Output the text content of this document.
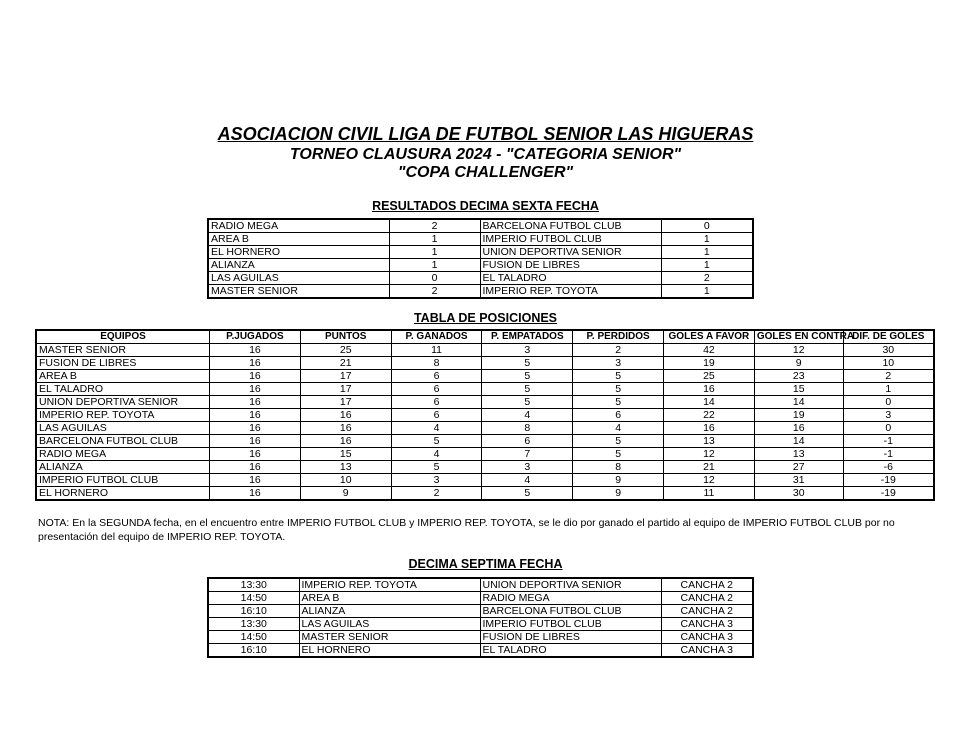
ASOCIACION CIVIL LIGA DE FUTBOL SENIOR LAS HIGUERAS
TORNEO CLAUSURA 2024 - "CATEGORIA SENIOR"
"COPA CHALLENGER"
RESULTADOS DECIMA SEXTA FECHA
RADIO MEGA	2	BARCELONA FUTBOL CLUB	0
AREA B	1	IMPERIO FUTBOL CLUB	1
EL HORNERO	1	UNION DEPORTIVA SENIOR	1
ALIANZA	1	FUSION DE LIBRES	1
LAS AGUILAS	0	EL TALADRO	2
MASTER SENIOR	2	IMPERIO REP. TOYOTA	1
TABLA DE POSICIONES
EQUIPOS	P.JUGADOS	PUNTOS	P. GANADOS	P. EMPATADOS	P. PERDIDOS	GOLES A FAVOR	GOLES EN CONTRA	DIF. DE GOLES
MASTER SENIOR	16	25	11	3	2	42	12	30
FUSION DE LIBRES	16	21	8	5	3	19	9	10
AREA B	16	17	6	5	5	25	23	2
EL TALADRO	16	17	6	5	5	16	15	1
UNION DEPORTIVA SENIOR	16	17	6	5	5	14	14	0
IMPERIO REP. TOYOTA	16	16	6	4	6	22	19	3
LAS AGUILAS	16	16	4	8	4	16	16	0
BARCELONA FUTBOL CLUB	16	16	5	6	5	13	14	-1
RADIO MEGA	16	15	4	7	5	12	13	-1
ALIANZA	16	13	5	3	8	21	27	-6
IMPERIO FUTBOL CLUB	16	10	3	4	9	12	31	-19
EL HORNERO	16	9	2	5	9	11	30	-19
NOTA: En la SEGUNDA fecha, en el encuentro entre IMPERIO FUTBOL CLUB y IMPERIO REP. TOYOTA, se le dio por ganado el partido al equipo de IMPERIO FUTBOL CLUB por no presentación del equipo de IMPERIO REP. TOYOTA.
DECIMA SEPTIMA FECHA
13:30	IMPERIO REP. TOYOTA	UNION DEPORTIVA SENIOR	CANCHA 2
14:50	AREA B	RADIO MEGA	CANCHA 2
16:10	ALIANZA	BARCELONA FUTBOL CLUB	CANCHA 2
13:30	LAS AGUILAS	IMPERIO FUTBOL CLUB	CANCHA 3
14:50	MASTER SENIOR	FUSION DE LIBRES	CANCHA 3
16:10	EL HORNERO	EL TALADRO	CANCHA 3
